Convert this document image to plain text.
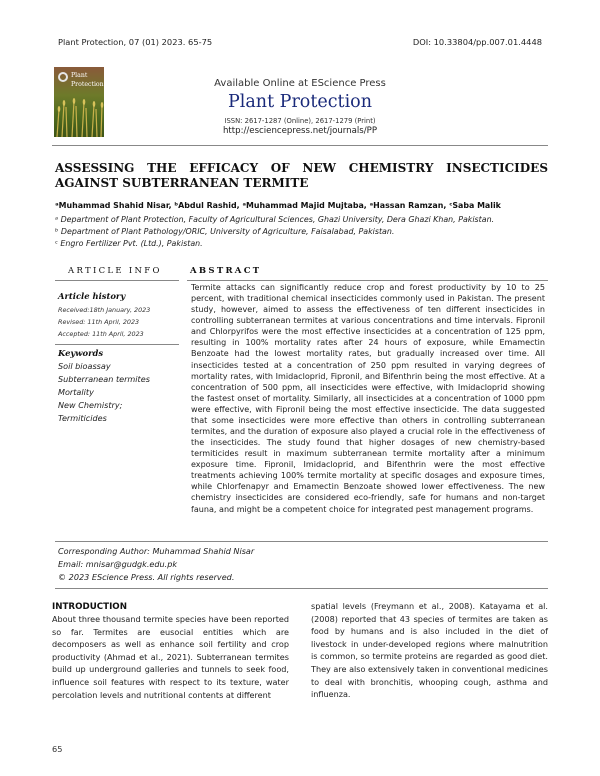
Plant Protection, 07 (01) 2023. 65-75	DOI: 10.33804/pp.007.01.4448
Plant
Protection	Available Online at EScience Press
Plant Protection
ISSN: 2617-1287 (Online), 2617-1279 (Print)
http://esciencepress.net/journals/PP
ASSESSING THE EFFICACY OF NEW CHEMISTRY INSECTICIDES AGAINST SUBTERRANEAN TERMITE
ᵃMuhammad Shahid Nisar, ᵇAbdul Rashid, ᵃMuhammad Majid Mujtaba, ᵃHassan Ramzan, ᶜSaba Malik
ᵃ Department of Plant Protection, Faculty of Agricultural Sciences, Ghazi University, Dera Ghazi Khan, Pakistan.
ᵇ Department of Plant Pathology/ORIC, University of Agriculture, Faisalabad, Pakistan.
ᶜ Engro Fertilizer Pvt. (Ltd.), Pakistan.
ARTICLE INFO	ABSTRACT
Article history
Received:18th January, 2023
Revised: 11th April, 2023
Accepted: 11th April, 2023
Keywords
Soil bioassay
Subterranean termites
Mortality
New Chemistry;
Termiticides
Termite attacks can significantly reduce crop and forest productivity by 10 to 25 percent, with traditional chemical insecticides commonly used in Pakistan. The present study, however, aimed to assess the effectiveness of ten different insecticides in controlling subterranean termites at various concentrations and time intervals. Fipronil and Chlorpyrifos were the most effective insecticides at a concentration of 125 ppm, resulting in 100% mortality rates after 24 hours of exposure, while Emamectin Benzoate had the lowest mortality rates, but gradually increased over time. All insecticides tested at a concentration of 250 ppm resulted in varying degrees of mortality rates, with Imidacloprid, Fipronil, and Bifenthrin being the most effective. At a concentration of 500 ppm, all insecticides were effective, with Imidacloprid showing the fastest onset of mortality. Similarly, all insecticides at a concentration of 1000 ppm were effective, with Fipronil being the most effective insecticide. The data suggested that some insecticides were more effective than others in controlling subterranean termites, and the duration of exposure also played a crucial role in the effectiveness of the insecticides. The study found that higher dosages of new chemistry-based termiticides result in maximum subterranean termite mortality after a minimum exposure time. Fipronil, Imidacloprid, and Bifenthrin were the most effective treatments achieving 100% termite mortality at specific dosages and exposure times, while Chlorfenapyr and Emamectin Benzoate showed lower effectiveness. The new chemistry insecticides are considered eco-friendly, safe for humans and non-target fauna, and might be a competent choice for integrated pest management programs.
Corresponding Author: Muhammad Shahid Nisar
Email: mnisar@gudgk.edu.pk
© 2023 EScience Press. All rights reserved.
INTRODUCTION
About three thousand termite species have been reported so far. Termites are eusocial entities which are decomposers as well as enhance soil fertility and crop productivity (Ahmad et al., 2021). Subterranean termites build up underground galleries and tunnels to seek food, influence soil features with respect to its texture, water percolation levels and nutritional contents at different
spatial levels (Freymann et al., 2008). Katayama et al. (2008) reported that 43 species of termites are taken as food by humans and is also included in the diet of livestock in under-developed regions where malnutrition is common, so termite proteins are regarded as good diet. They are also extensively taken in conventional medicines to deal with bronchitis, whooping cough, asthma and influenza.
65
